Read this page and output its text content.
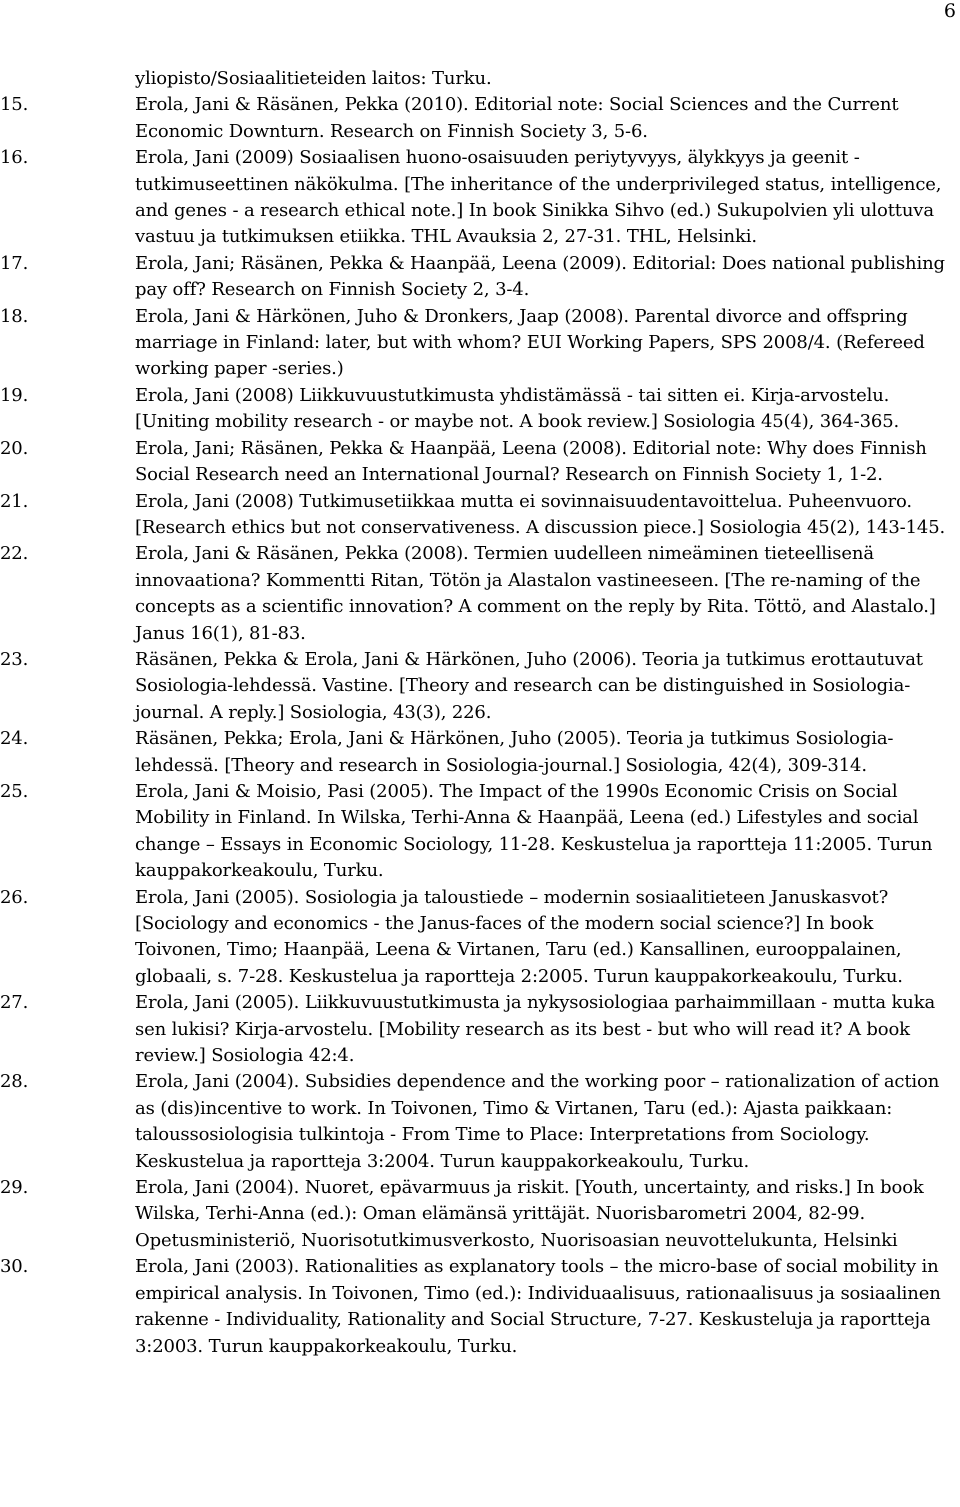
6
yliopisto/Sosiaalitieteiden laitos: Turku.
15.	Erola, Jani & Räsänen, Pekka (2010). Editorial note: Social Sciences and the Current Economic Downturn. Research on Finnish Society 3, 5-6.
16.	Erola, Jani (2009) Sosiaalisen huono-osaisuuden periytyvyys, älykkyys ja geenit - tutkimuseettinen näkökulma. [The inheritance of the underprivileged status, intelligence, and genes - a research ethical note.] In book Sinikka Sihvo (ed.) Sukupolvien yli ulottuva vastuu ja tutkimuksen etiikka. THL Avauksia 2, 27-31. THL, Helsinki.
17.	Erola, Jani; Räsänen, Pekka & Haanpää, Leena (2009). Editorial: Does national publishing pay off? Research on Finnish Society 2, 3-4.
18.	Erola, Jani & Härkönen, Juho & Dronkers, Jaap (2008). Parental divorce and offspring marriage in Finland: later, but with whom? EUI Working Papers, SPS 2008/4. (Refereed working paper -series.)
19.	Erola, Jani (2008) Liikkuvuustutkimusta yhdistämässä - tai sitten ei. Kirja-arvostelu. [Uniting mobility research - or maybe not. A book review.] Sosiologia 45(4), 364-365.
20.	Erola, Jani; Räsänen, Pekka & Haanpää, Leena (2008). Editorial note: Why does Finnish Social Research need an International Journal? Research on Finnish Society 1, 1-2.
21.	Erola, Jani (2008) Tutkimusetiikkaa mutta ei sovinnaisuudentavoittelua. Puheenvuoro. [Research ethics but not conservativeness. A discussion piece.] Sosiologia 45(2), 143-145.
22.	Erola, Jani & Räsänen, Pekka (2008). Termien uudelleen nimeäminen tieteellisenä innovaationa? Kommentti Ritan, Tötön ja Alastalon vastineeseen. [The re-naming of the concepts as a scientific innovation? A comment on the reply by Rita. Töttö, and Alastalo.] Janus 16(1), 81-83.
23.	Räsänen, Pekka & Erola, Jani & Härkönen, Juho (2006). Teoria ja tutkimus erottautuvat Sosiologia-lehdessä. Vastine. [Theory and research can be distinguished in Sosiologia-journal. A reply.] Sosiologia, 43(3), 226.
24.	Räsänen, Pekka; Erola, Jani & Härkönen, Juho (2005). Teoria ja tutkimus Sosiologia-lehdessä. [Theory and research in Sosiologia-journal.] Sosiologia, 42(4), 309-314.
25.	Erola, Jani & Moisio, Pasi (2005). The Impact of the 1990s Economic Crisis on Social Mobility in Finland. In Wilska, Terhi-Anna & Haanpää, Leena (ed.) Lifestyles and social change – Essays in Economic Sociology, 11-28. Keskustelua ja raportteja 11:2005. Turun kauppakorkeakoulu, Turku.
26.	Erola, Jani (2005). Sosiologia ja taloustiede – modernin sosiaalitieteen Januskasvot? [Sociology and economics - the Janus-faces of the modern social science?] In book Toivonen, Timo; Haanpää, Leena & Virtanen, Taru (ed.) Kansallinen, eurooppalainen, globaali, s. 7-28. Keskustelua ja raportteja 2:2005. Turun kauppakorkeakoulu, Turku.
27.	Erola, Jani (2005). Liikkuvuustutkimusta ja nykysosiologiaa parhaimmillaan - mutta kuka sen lukisi? Kirja-arvostelu. [Mobility research as its best - but who will read it? A book review.] Sosiologia 42:4.
28.	Erola, Jani (2004). Subsidies dependence and the working poor – rationalization of action as (dis)incentive to work. In Toivonen, Timo & Virtanen, Taru (ed.): Ajasta paikkaan: taloussosiologisia tulkintoja - From Time to Place: Interpretations from Sociology. Keskustelua ja raportteja 3:2004. Turun kauppakorkeakoulu, Turku.
29.	Erola, Jani (2004). Nuoret, epävarmuus ja riskit. [Youth, uncertainty, and risks.] In book Wilska, Terhi-Anna (ed.): Oman elämänsä yrittäjät. Nuorisbarometri 2004, 82-99. Opetusministeriö, Nuorisotutkimusverkosto, Nuorisoasian neuvottelukunta, Helsinki
30.	Erola, Jani (2003). Rationalities as explanatory tools – the micro-base of social mobility in empirical analysis. In Toivonen, Timo (ed.): Individuaalisuus, rationaalisuus ja sosiaalinen rakenne - Individuality, Rationality and Social Structure, 7-27. Keskusteluja ja raportteja 3:2003. Turun kauppakorkeakoulu, Turku.
